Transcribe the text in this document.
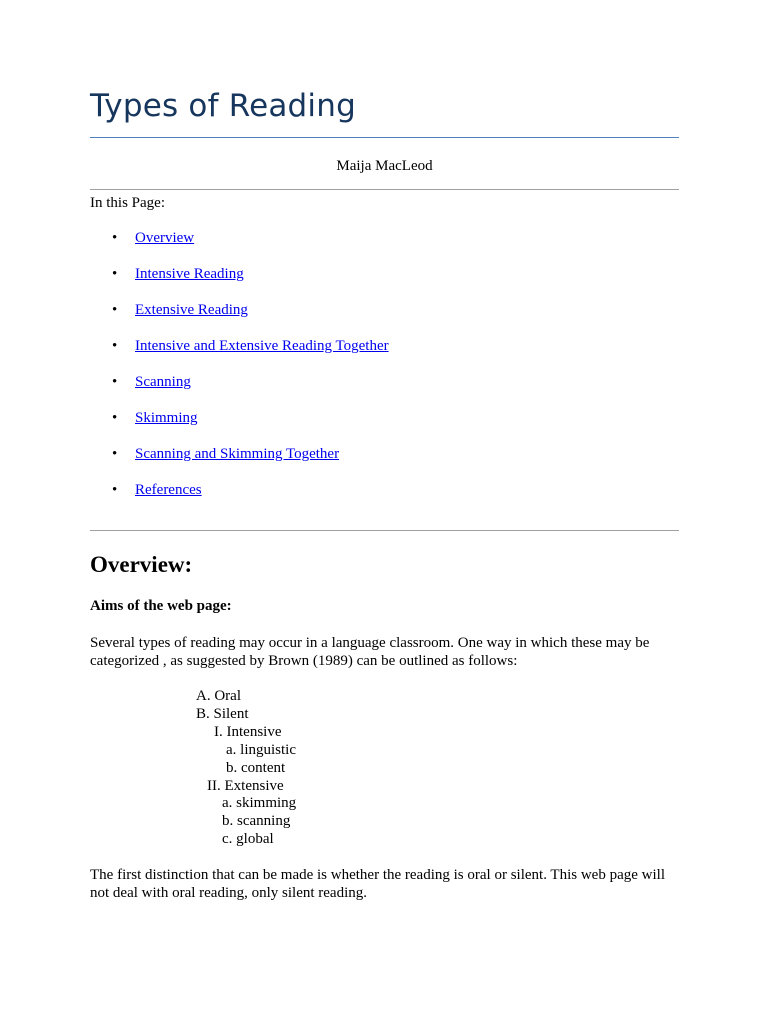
Types of Reading
Maija MacLeod
In this Page:
• Overview
• Intensive Reading
• Extensive Reading
• Intensive and Extensive Reading Together
• Scanning
• Skimming
• Scanning and Skimming Together
• References
Overview:
Aims of the web page:

Several types of reading may occur in a language classroom. One way in which these may be categorized , as suggested by Brown (1989) can be outlined as follows:

A. Oral
B. Silent
I. Intensive
a. linguistic
b. content
II. Extensive
a. skimming
b. scanning
c. global

The first distinction that can be made is whether the reading is oral or silent. This web page will not deal with oral reading, only silent reading.
